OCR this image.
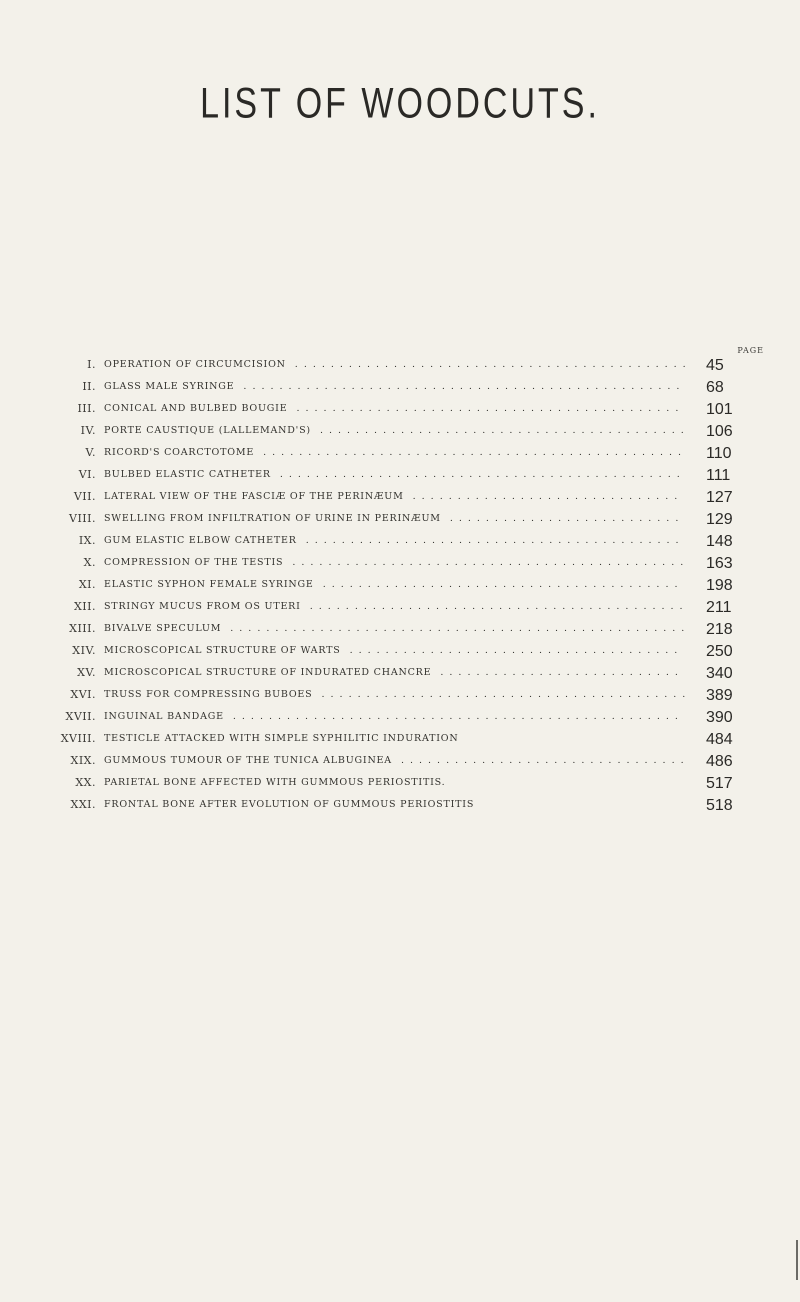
LIST OF WOODCUTS.
PAGE
I. OPERATION OF CIRCUMCISION ............................................ 45
II. GLASS MALE SYRINGE .................................................	68
III. CONICAL AND BULBED BOUGIE ...........................................	101
IV. PORTE CAUSTIQUE (LALLEMAND'S) .........................................	106
V. RICORD'S COARCTOTÔME ...............................................	110
VI. BULBED ELASTIC CATHETER .............................................	111
VII. LATERAL VIEW OF THE FASCIÆ OF THE PERINÆUM ..............................	127
VIII. SWELLING FROM INFILTRATION OF URINE IN PERINÆUM ..........................	129
IX. GUM ELASTIC ELBOW CATHETER ..........................................	148
X. COMPRESSION OF THE TESTIS ............................................	163
XI. ELASTIC SYPHON FEMALE SYRINGE ........................................	198
XII. STRINGY MUCUS FROM OS UTERI ..........................................	211
XIII. BIVALVE SPECULUM ................................................... 218
XIV. MICROSCOPICAL STRUCTURE OF WARTS .....................................	250
XV. MICROSCOPICAL STRUCTURE OF INDURATED CHANCRE ...........................	340
XVI. TRUSS FOR COMPRESSING BUBOES ......................................... 389
XVII. INGUINAL BANDAGE ..................................................	390
XVIII. TESTICLE ATTACKED WITH SIMPLE SYPHILITIC INDURATION	484
XIX. GUMMOUS TUMOUR OF THE TUNICA ALBUGINEA ................................	486
XX. PARIETAL BONE AFFECTED WITH GUMMOUS PERIOSTITIS.	517
XXI. FRONTAL BONE AFTER EVOLUTION OF GUMMOUS PERIOSTITIS	518
